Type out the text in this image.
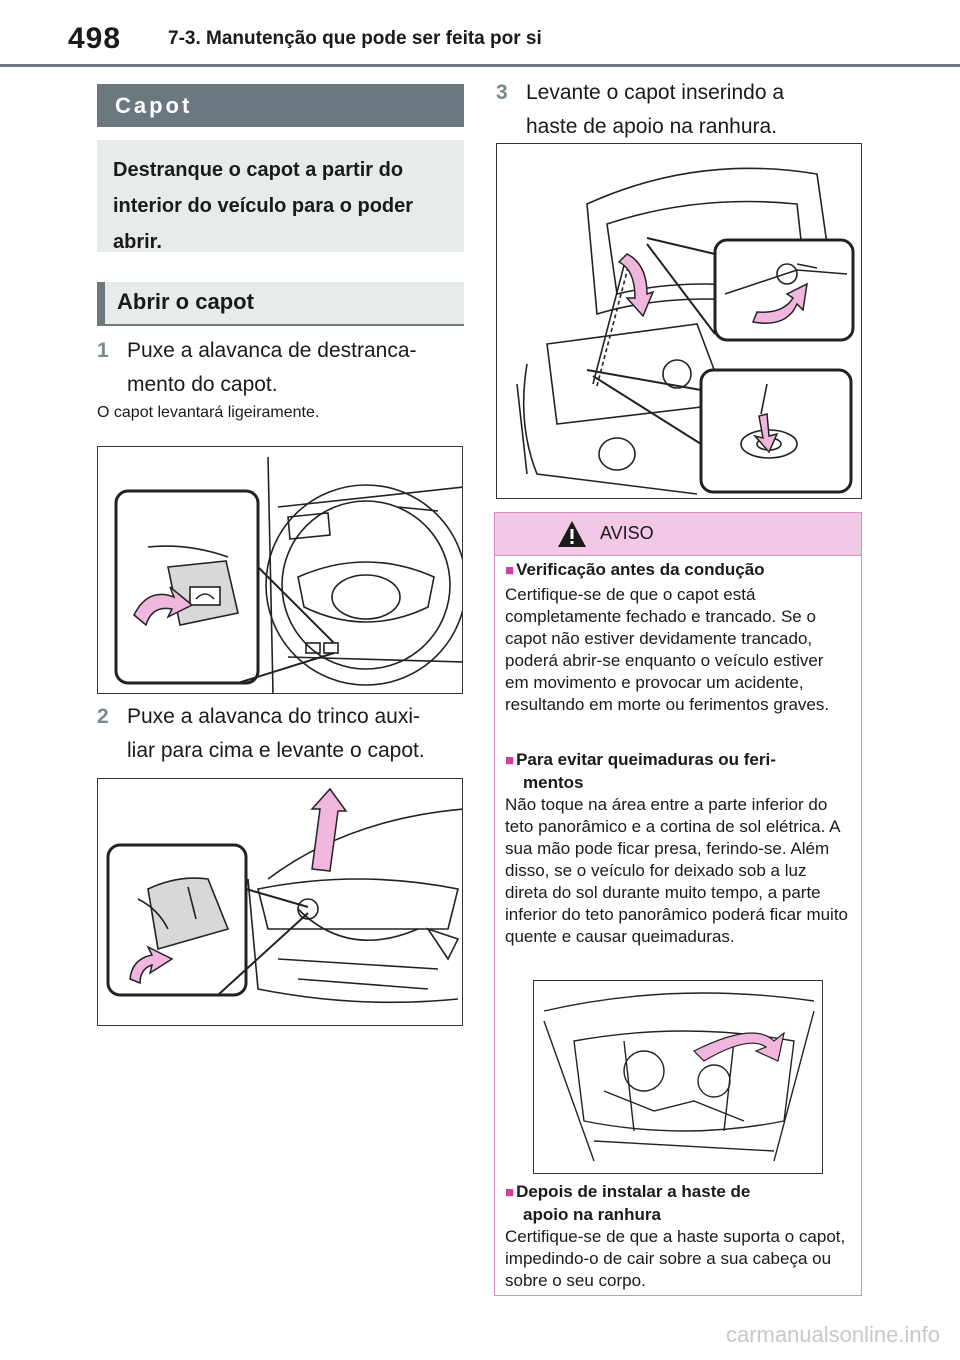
498 7-3. Manutenção que pode ser feita por si
Capot
Destranque o capot a partir do interior do veículo para o poder abrir.
Abrir o capot
1 Puxe a alavanca de destranca-
mento do capot.
O capot levantará ligeiramente.
2 Puxe a alavanca do trinco auxi-
liar para cima e levante o capot.
3 Levante o capot inserindo a
haste de apoio na ranhura.
AVISO
■ Verificação antes da condução
Certifique-se de que o capot está completamente fechado e trancado. Se o capot não estiver devidamente trancado, poderá abrir-se enquanto o veículo estiver em movimento e provocar um acidente, resultando em morte ou ferimentos graves.
■ Para evitar queimaduras ou feri-
mentos
Não toque na área entre a parte inferior do teto panorâmico e a cortina de sol elétrica. A sua mão pode ficar presa, ferindo-se. Além disso, se o veículo for deixado sob a luz direta do sol durante muito tempo, a parte inferior do teto panorâmico poderá ficar muito quente e causar queimaduras.
■ Depois de instalar a haste de
apoio na ranhura
Certifique-se de que a haste suporta o capot, impedindo-o de cair sobre a sua cabeça ou sobre o seu corpo.
carmanualsonline.info
